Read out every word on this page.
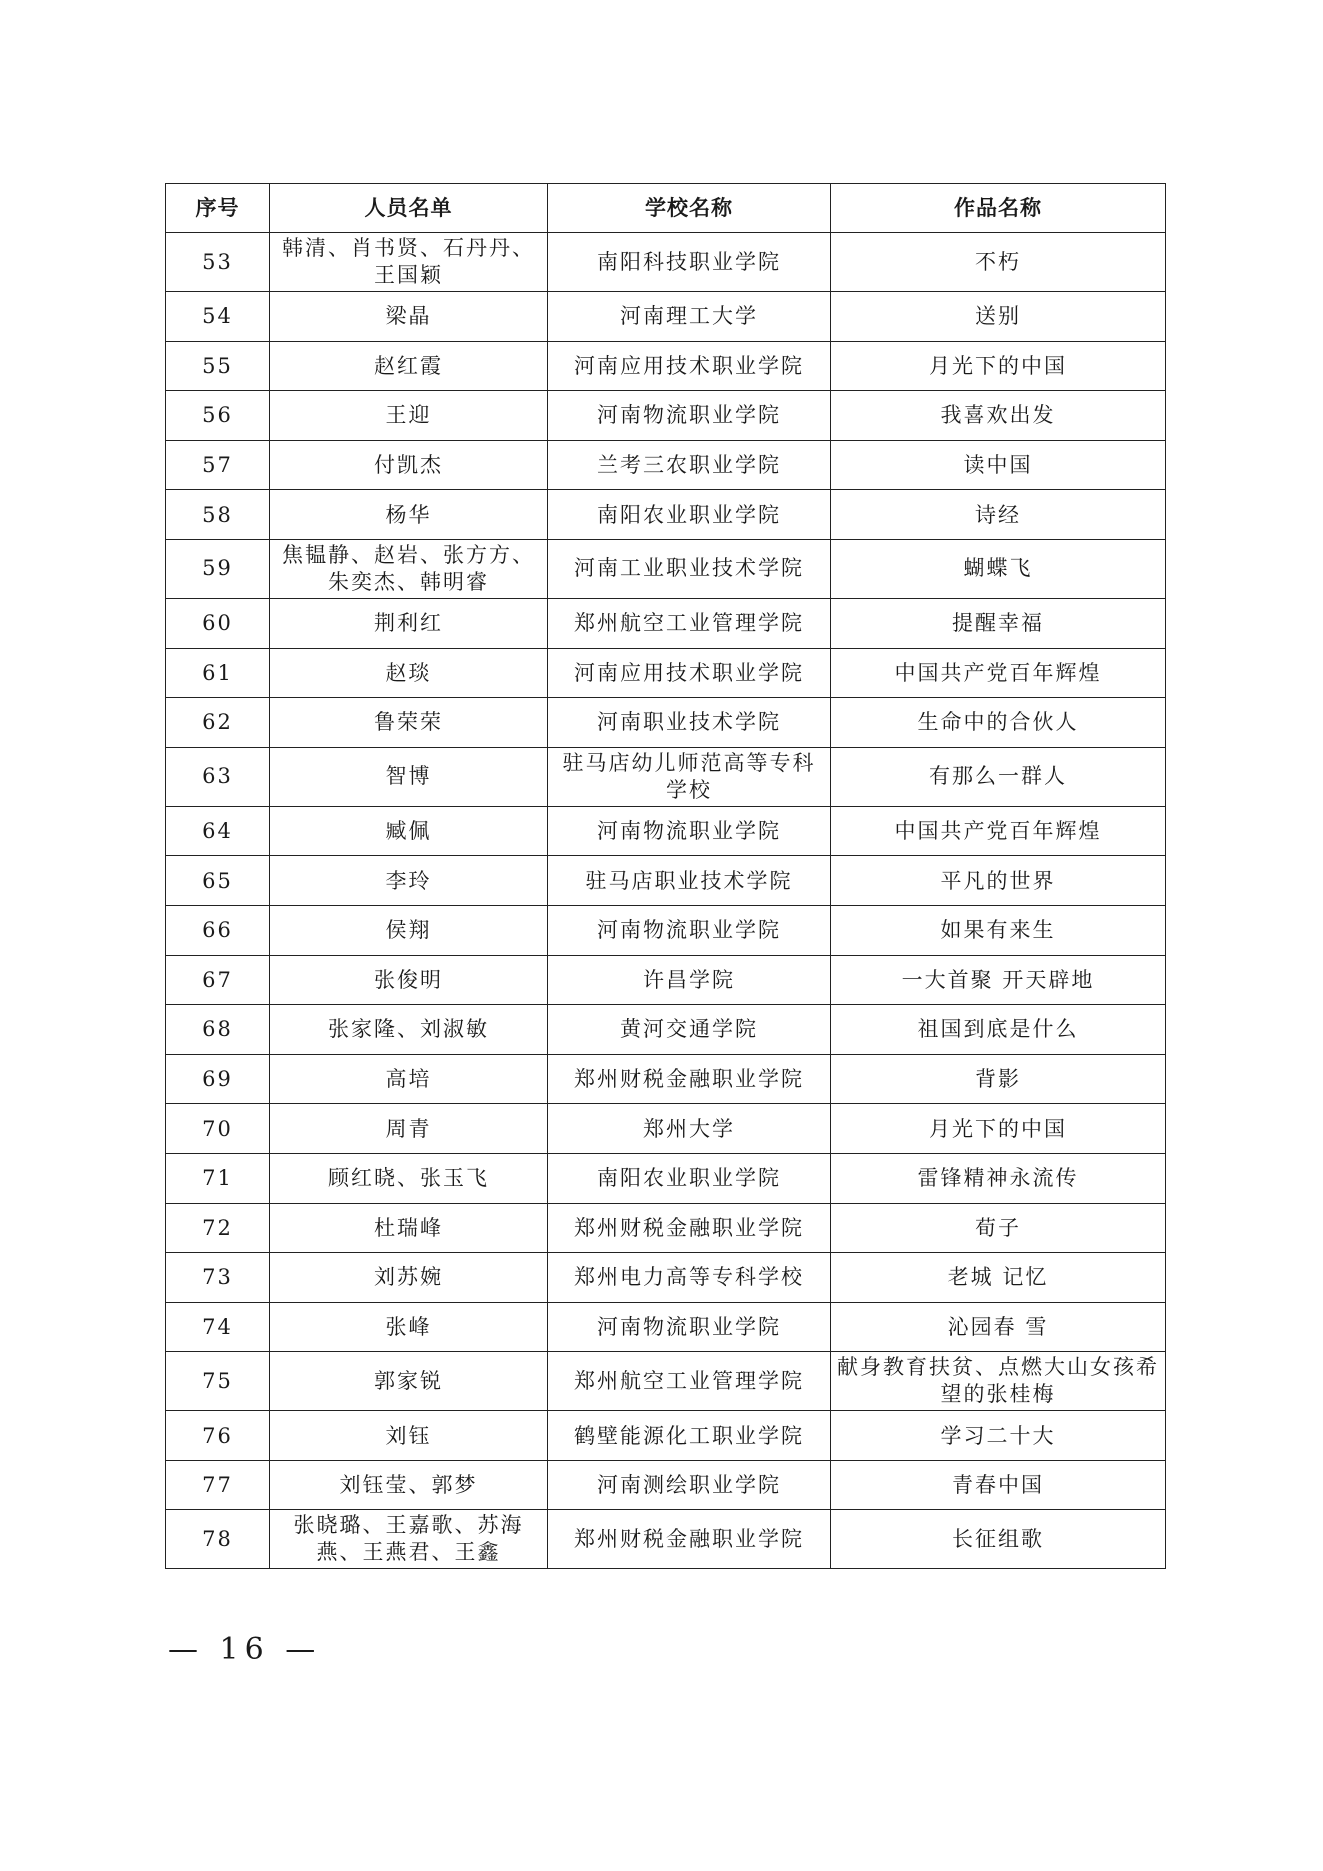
序号	人员名单	学校名称	作品名称
53	韩清、肖书贤、石丹丹、王国颖	南阳科技职业学院	不朽
54	梁晶	河南理工大学	送别
55	赵红霞	河南应用技术职业学院	月光下的中国
56	王迎	河南物流职业学院	我喜欢出发
57	付凯杰	兰考三农职业学院	读中国
58	杨华	南阳农业职业学院	诗经
59	焦韫静、赵岩、张方方、朱奕杰、韩明睿	河南工业职业技术学院	蝴蝶飞
60	荆利红	郑州航空工业管理学院	提醒幸福
61	赵琰	河南应用技术职业学院	中国共产党百年辉煌
62	鲁荣荣	河南职业技术学院	生命中的合伙人
63	智博	驻马店幼儿师范高等专科学校	有那么一群人
64	臧佩	河南物流职业学院	中国共产党百年辉煌
65	李玲	驻马店职业技术学院	平凡的世界
66	侯翔	河南物流职业学院	如果有来生
67	张俊明	许昌学院	一大首聚 开天辟地
68	张家隆、刘淑敏	黄河交通学院	祖国到底是什么
69	高培	郑州财税金融职业学院	背影
70	周青	郑州大学	月光下的中国
71	顾红晓、张玉飞	南阳农业职业学院	雷锋精神永流传
72	杜瑞峰	郑州财税金融职业学院	荀子
73	刘苏婉	郑州电力高等专科学校	老城 记忆
74	张峰	河南物流职业学院	沁园春 雪
75	郭家锐	郑州航空工业管理学院	献身教育扶贫、点燃大山女孩希望的张桂梅
76	刘钰	鹤壁能源化工职业学院	学习二十大
77	刘钰莹、郭梦	河南测绘职业学院	青春中国
78	张晓璐、王嘉歌、苏海燕、王燕君、王鑫	郑州财税金融职业学院	长征组歌
— 16 —
